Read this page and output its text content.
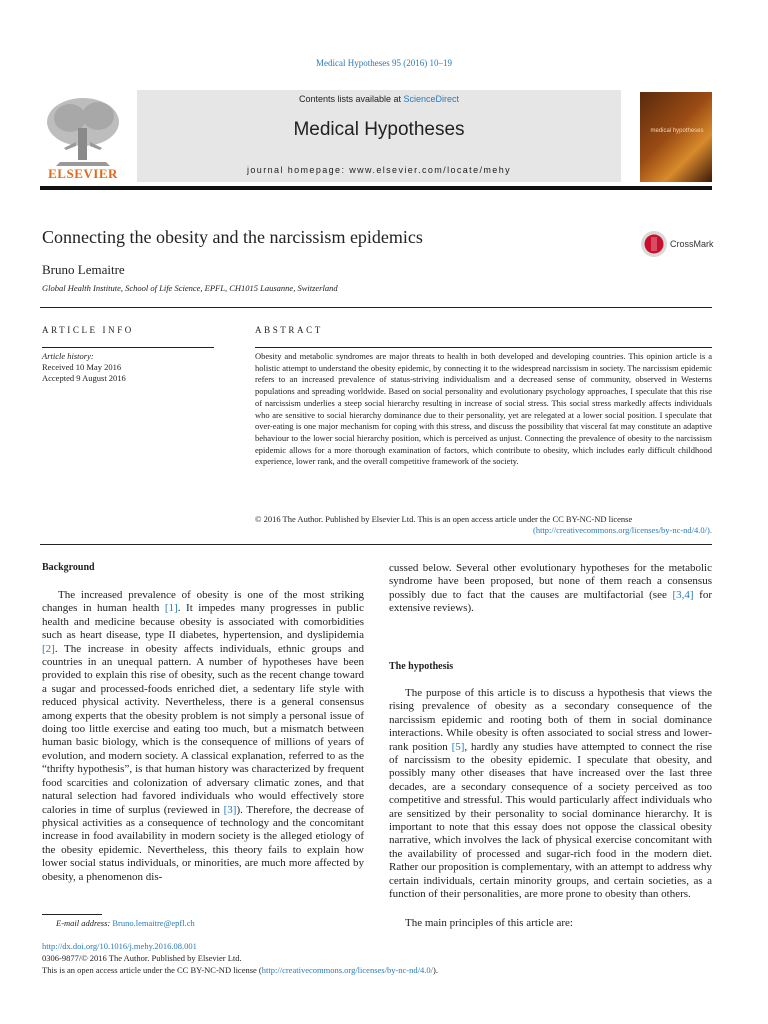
Medical Hypotheses 95 (2016) 10–19
Contents lists available at ScienceDirect
Medical Hypotheses
journal homepage: www.elsevier.com/locate/mehy
ELSEVIER
medical hypotheses
Connecting the obesity and the narcissism epidemics	CrossMark
Bruno Lemaitre
Global Health Institute, School of Life Science, EPFL, CH1015 Lausanne, Switzerland
ARTICLE INFO
Article history:
Received 10 May 2016
Accepted 9 August 2016
ABSTRACT
Obesity and metabolic syndromes are major threats to health in both developed and developing countries. This opinion article is a holistic attempt to understand the obesity epidemic, by connecting it to the widespread narcissism in society. The narcissism epidemic refers to an increased prevalence of status-striving individualism and a decreased sense of community, observed in Westerns populations and spreading worldwide. Based on social personality and evolutionary psychology approaches, I speculate that this rise of narcissism underlies a steep social hierarchy resulting in increase of social stress. This social stress markedly affects individuals who are sensitive to social hierarchy dominance due to their personality, yet are relegated at a lower social position. I speculate that over-eating is one major mechanism for coping with this stress, and discuss the possibility that visceral fat may constitute an adaptive behaviour to the lower social hierarchy position, which is perceived as unjust. Connecting the prevalence of obesity to the narcissism epidemic allows for a more thorough examination of factors, which contribute to obesity, which includes early difficult childhood experience, lower rank, and the overall competitive framework of the society.
© 2016 The Author. Published by Elsevier Ltd. This is an open access article under the CC BY-NC-ND license
(http://creativecommons.org/licenses/by-nc-nd/4.0/).
Background

The increased prevalence of obesity is one of the most striking changes in human health [1]. It impedes many progresses in public health and medicine because obesity is associated with comorbidities such as heart disease, type II diabetes, hypertension, and dyslipidemia [2]. The increase in obesity affects individuals, ethnic groups and countries in an unequal pattern. A number of hypotheses have been provided to explain this rise of obesity, such as the recent change toward a sugar and processed-foods enriched diet, a sedentary life style with reduced physical activity. Nevertheless, there is a general consensus among experts that the obesity problem is not simply a personal issue of doing too little exercise and eating too much, but a mismatch between human basic biology, which is the consequence of millions of years of evolution, and modern society. A classical explanation, referred to as the “thrifty hypothesis”, is that human history was characterized by frequent food scarcities and colonization of adversary climatic zones, and that natural selection had favored individuals who would effectively store calories in time of surplus (reviewed in [3]). Therefore, the decrease of physical activities as a consequence of technology and the concomitant increase in food availability in modern society is the alleged etiology of the obesity epidemic. Nevertheless, this theory fails to explain how lower social status individuals, or minorities, are much more affected by obesity, a phenomenon dis-

cussed below. Several other evolutionary hypotheses for the metabolic syndrome have been proposed, but none of them reach a consensus possibly due to fact that the causes are multifactorial (see [3,4] for extensive reviews).
The hypothesis

The purpose of this article is to discuss a hypothesis that views the rising prevalence of obesity as a secondary consequence of the narcissism epidemic and rooting both of them in social dominance interactions. While obesity is often associated to social stress and lower-rank position [5], hardly any studies have attempted to connect the rise of narcissism to the obesity epidemic. I speculate that obesity, and possibly many other diseases that have increased over the last three decades, are a secondary consequence of a society perceived as too competitive and stressful. This would particularly affect individuals who are sensitized by their personality to social dominance hierarchy. It is important to note that this essay does not oppose the classical obesity narrative, which involves the lack of physical exercise concomitant with the availability of processed and sugar-rich food in the modern diet. Rather our proposition is complementary, with an attempt to address why certain individuals, certain minority groups, and certain societies, as a function of their personalities, are more prone to obesity than others.

The main principles of this article are:

E-mail address: Bruno.lemaitre@epfl.ch
http://dx.doi.org/10.1016/j.mehy.2016.08.001
0306-9877/© 2016 The Author. Published by Elsevier Ltd.
This is an open access article under the CC BY-NC-ND license (http://creativecommons.org/licenses/by-nc-nd/4.0/).
